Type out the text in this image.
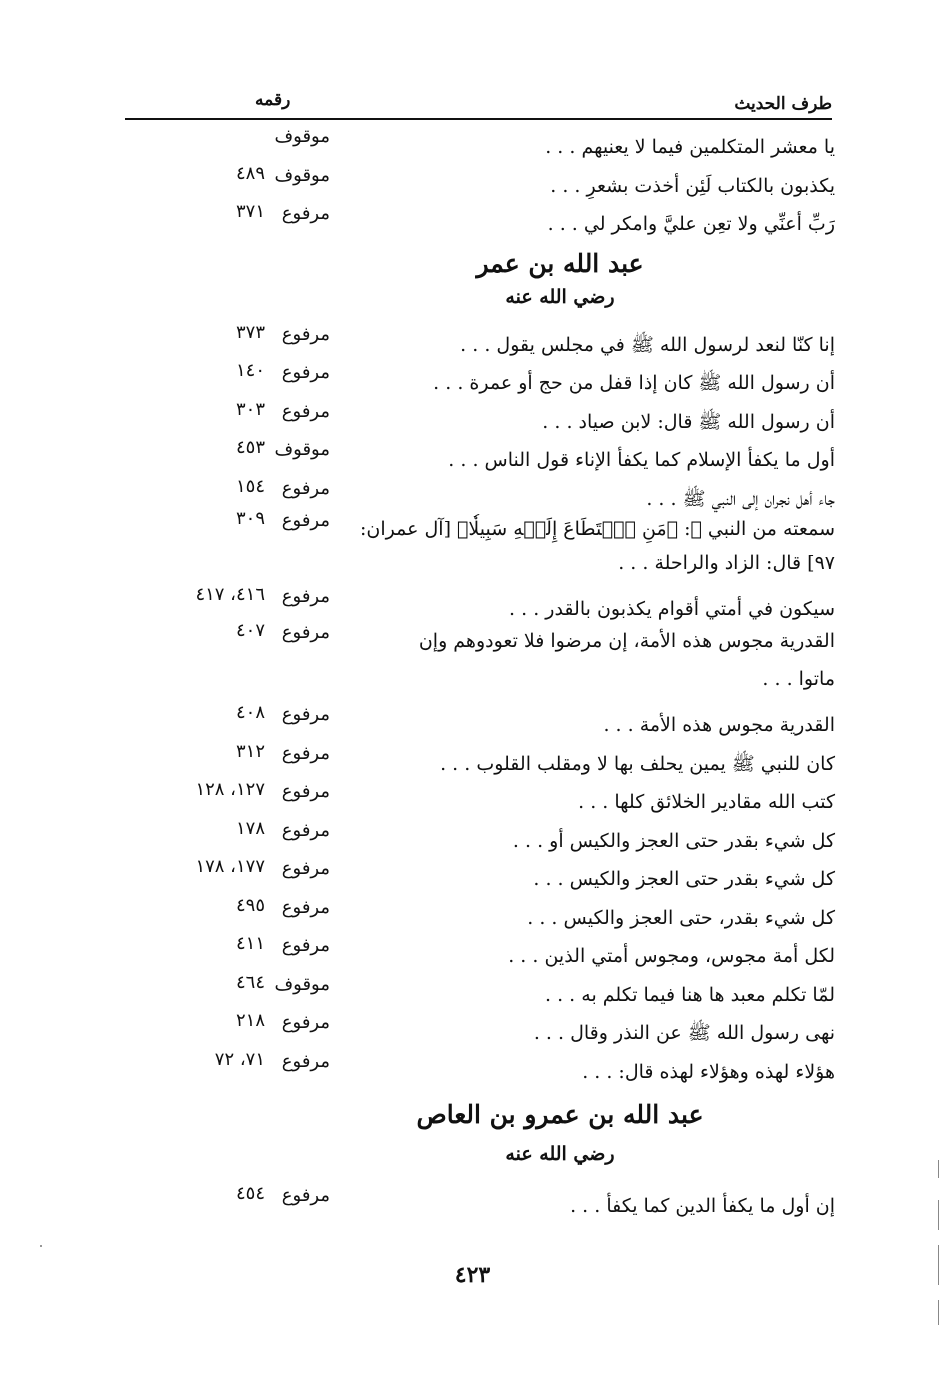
طرف الحديث
رقمه
يا معشر المتكلمين فيما لا يعنيهم . . .
موقوف
يكذبون بالكتاب لَئِن أخذت بشعرِ . . .
موقوف
٤٨٩
رَبِّ أعنِّي ولا تعِن عليَّ وامكر لي . . .
مرفوع
٣٧١
عبد الله بن عمر
رضي الله عنه
إنا كنّا لنعد لرسول الله ﷺ في مجلس يقول . . .
مرفوع
٣٧٣
أن رسول الله ﷺ كان إذا قفل من حج أو عمرة . . .
مرفوع
١٤٠
أن رسول الله ﷺ قال: لابن صياد . . .
مرفوع
٣٠٣
أول ما يكفأ الإسلام كما يكفأ الإناء قول الناس . . .
موقوف
٤٥٣
جاء أهل نجران إلى النبي ﷺ . . .
مرفوع
١٥٤
سمعته من النبي ﷺ: ﴿مَنِ ٱسۡتَطَاعَ إِلَيۡهِ سَبِيلٗا﴾ [آل عمران:
مرفوع
٣٠٩
٩٧] قال: الزاد والراحلة . . .
سيكون في أمتي أقوام يكذبون بالقدر . . .
مرفوع
٤١٦، ٤١٧
القدرية مجوس هذه الأمة، إن مرضوا فلا تعودوهم وإن
مرفوع
٤٠٧
ماتوا . . .
القدرية مجوس هذه الأمة . . .
مرفوع
٤٠٨
كان للنبي ﷺ يمين يحلف بها لا ومقلب القلوب . . .
مرفوع
٣١٢
كتب الله مقادير الخلائق كلها . . .
مرفوع
١٢٧، ١٢٨
كل شيء بقدر حتى العجز والكيس أو . . .
مرفوع
١٧٨
كل شيء بقدر حتى العجز والكيس . . .
مرفوع
١٧٧، ١٧٨
كل شيء بقدر، حتى العجز والكيس . . .
مرفوع
٤٩٥
لكل أمة مجوس، ومجوس أمتي الذين . . .
مرفوع
٤١١
لمّا تكلم معبد ها هنا فيما تكلم به . . .
موقوف
٤٦٤
نهى رسول الله ﷺ عن النذر وقال . . .
مرفوع
٢١٨
هؤلاء لهذه وهؤلاء لهذه قال: . . .
مرفوع
٧١، ٧٢
عبد الله بن عمرو بن العاص
رضي الله عنه
إن أول ما يكفأ الدين كما يكفأ . . .
مرفوع
٤٥٤
٤٢٣
